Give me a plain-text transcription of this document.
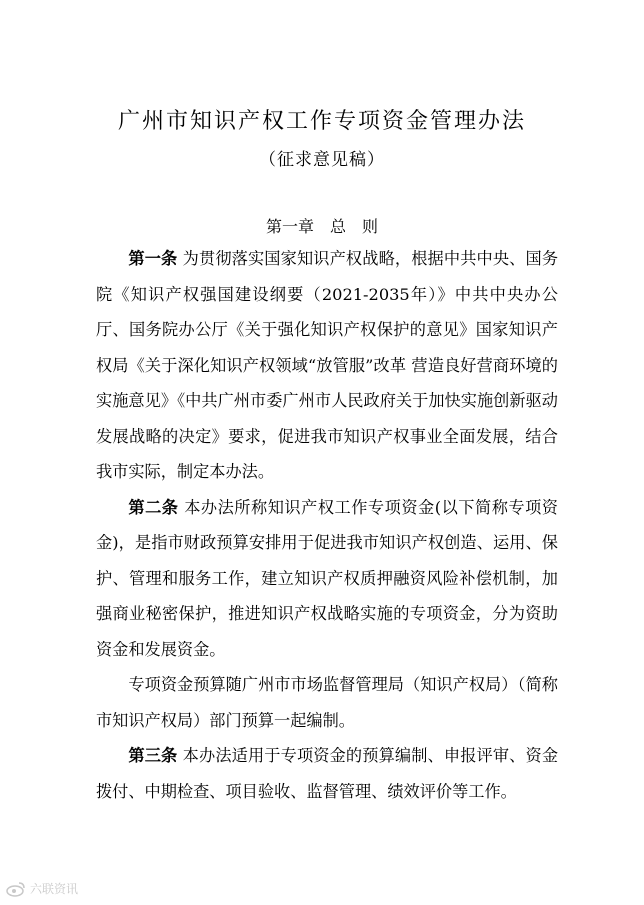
广州市知识产权工作专项资金管理办法
（征求意见稿）
第一章　总　则

第一条 为贯彻落实国家知识产权战略，根据中共中央、国务院《知识产权强国建设纲要（2021-2035年）》中共中央办公厅、国务院办公厅《关于强化知识产权保护的意见》国家知识产权局《关于深化知识产权领域“放管服”改革 营造良好营商环境的实施意见》《中共广州市委广州市人民政府关于加快实施创新驱动发展战略的决定》要求，促进我市知识产权事业全面发展，结合我市实际，制定本办法。

第二条 本办法所称知识产权工作专项资金(以下简称专项资金)，是指市财政预算安排用于促进我市知识产权创造、运用、保护、管理和服务工作，建立知识产权质押融资风险补偿机制，加强商业秘密保护，推进知识产权战略实施的专项资金，分为资助资金和发展资金。

专项资金预算随广州市市场监督管理局（知识产权局）（简称市知识产权局）部门预算一起编制。

第三条 本办法适用于专项资金的预算编制、申报评审、资金拨付、中期检查、项目验收、监督管理、绩效评价等工作。

六联资讯
